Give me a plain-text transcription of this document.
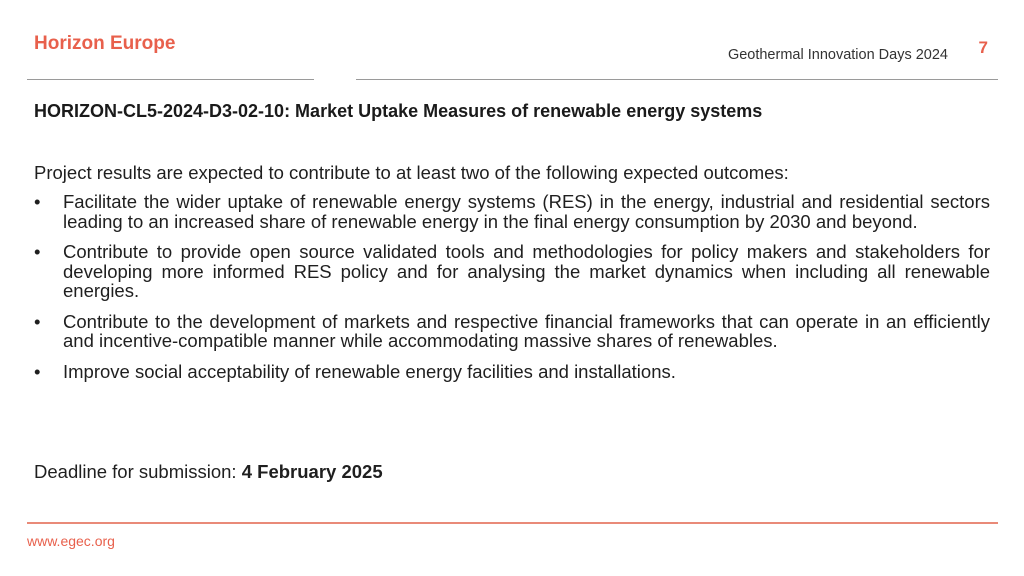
Horizon Europe
Geothermal Innovation Days 2024 7
HORIZON-CL5-2024-D3-02-10: Market Uptake Measures of renewable energy systems
Project results are expected to contribute to at least two of the following expected outcomes:
•	Facilitate the wider uptake of renewable energy systems (RES) in the energy, industrial and residential sectors leading to an increased share of renewable energy in the final energy consumption by 2030 and beyond.
•	Contribute to provide open source validated tools and methodologies for policy makers and stakeholders for developing more informed RES policy and for analysing the market dynamics when including all renewable energies.
•	Contribute to the development of markets and respective financial frameworks that can operate in an efficiently and incentive-compatible manner while accommodating massive shares of renewables.
•	Improve social acceptability of renewable energy facilities and installations.
Deadline for submission: 4 February 2025
www.egec.org
